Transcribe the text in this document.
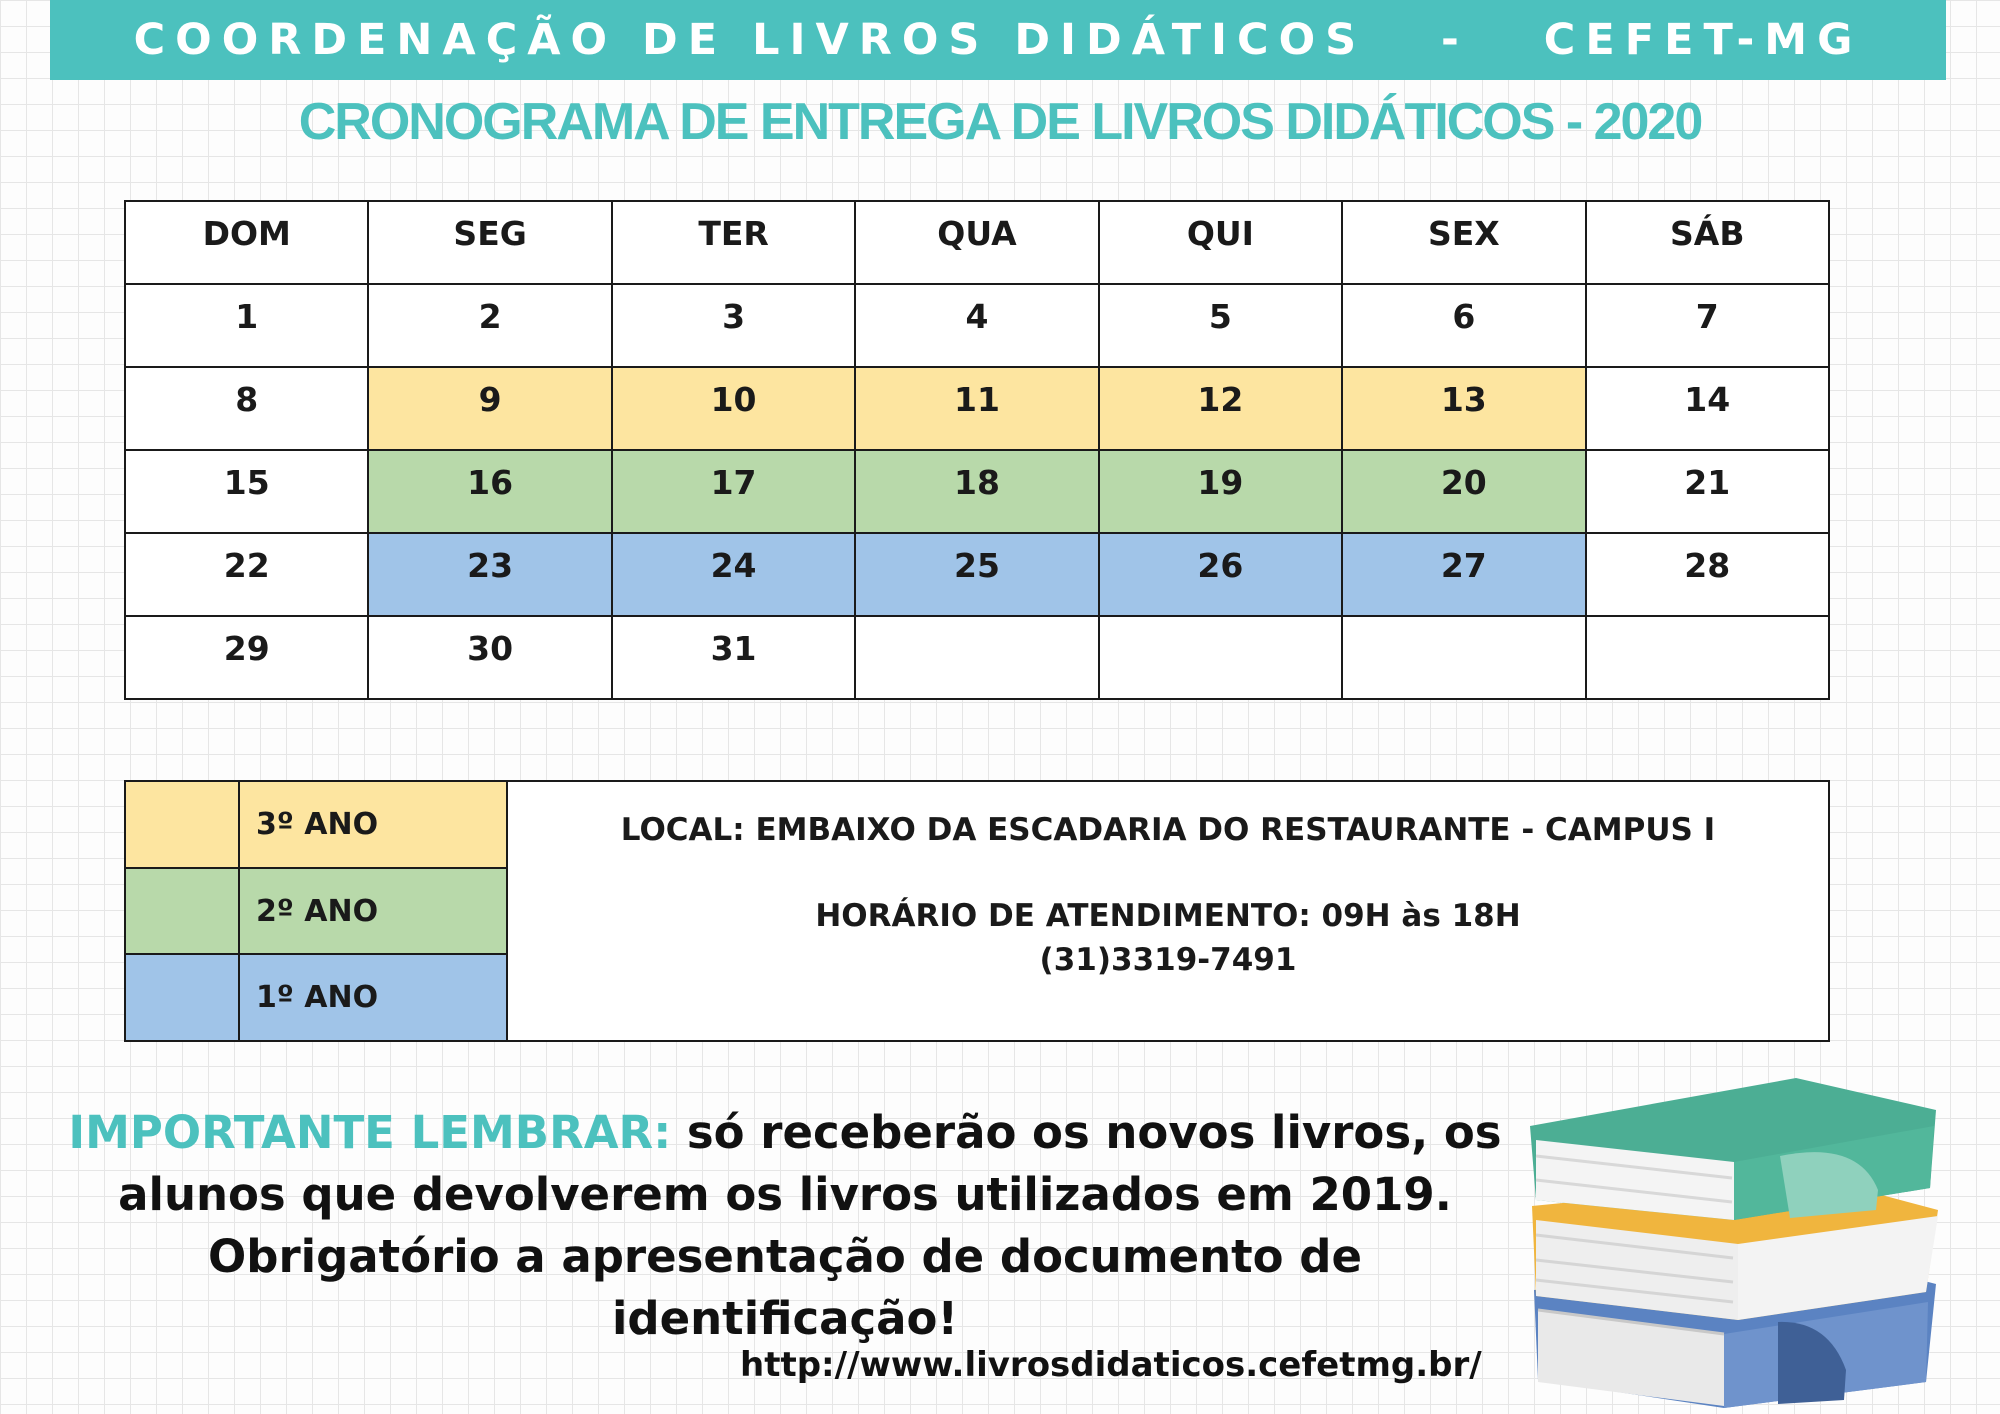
COORDENAÇÃO DE LIVROS DIDÁTICOS   -   CEFET-MG
CRONOGRAMA DE ENTREGA DE LIVROS DIDÁTICOS - 2020
DOM	SEG	TER	QUA	QUI	SEX	SÁB
1	2	3	4	5	6	7
8	9	10	11	12	13	14
15	16	17	18	19	20	21
22	23	24	25	26	27	28
29	30	31				
3º ANO
2º ANO
1º ANO
LOCAL: EMBAIXO DA ESCADARIA DO RESTAURANTE - CAMPUS I
HORÁRIO DE ATENDIMENTO: 09H às 18H
(31)3319-7491
IMPORTANTE LEMBRAR: só receberão os novos livros, os
alunos que devolverem os livros utilizados em 2019.
Obrigatório a apresentação de documento de identificação!
http://www.livrosdidaticos.cefetmg.br/
